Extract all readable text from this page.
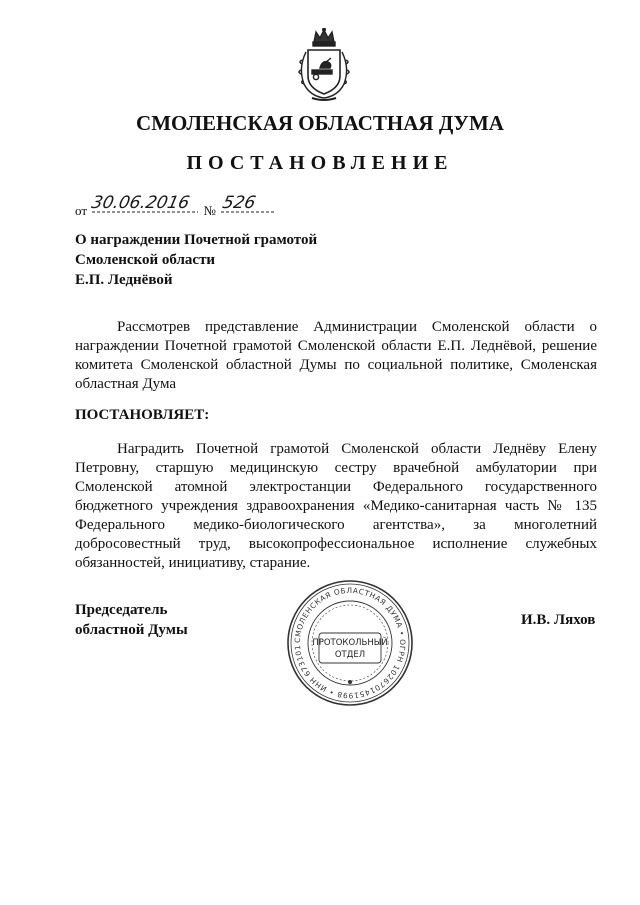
СМОЛЕНСКАЯ ОБЛАСТНАЯ ДУМА
ПОСТАНОВЛЕНИЕ
от 30.06.2016 № 526
О награждении Почетной грамотой
Смоленской области
Е.П. Леднёвой

Рассмотрев представление Администрации Смоленской области о награждении Почетной грамотой Смоленской области Е.П. Леднёвой, решение комитета Смоленской областной Думы по социальной политике, Смоленская областная Дума

ПОСТАНОВЛЯЕТ:

Наградить Почетной грамотой Смоленской области Леднёву Елену Петровну, старшую медицинскую сестру врачебной амбулатории при Смоленской атомной электростанции Федерального государственного бюджетного учреждения здравоохранения «Медико-санитарная часть № 135 Федерального медико-биологического агентства», за многолетний добросовестный труд, высокопрофессиональное исполнение служебных обязанностей, инициативу, старание.

Председатель
областной Думы
И.В. Ляхов
СМОЛЕНСКАЯ ОБЛАСТНАЯ ДУМА • ОГРН 1026701451998 • ИНН 673101	ПРОТОКОЛЬНЫЙ
ОТДЕЛ
